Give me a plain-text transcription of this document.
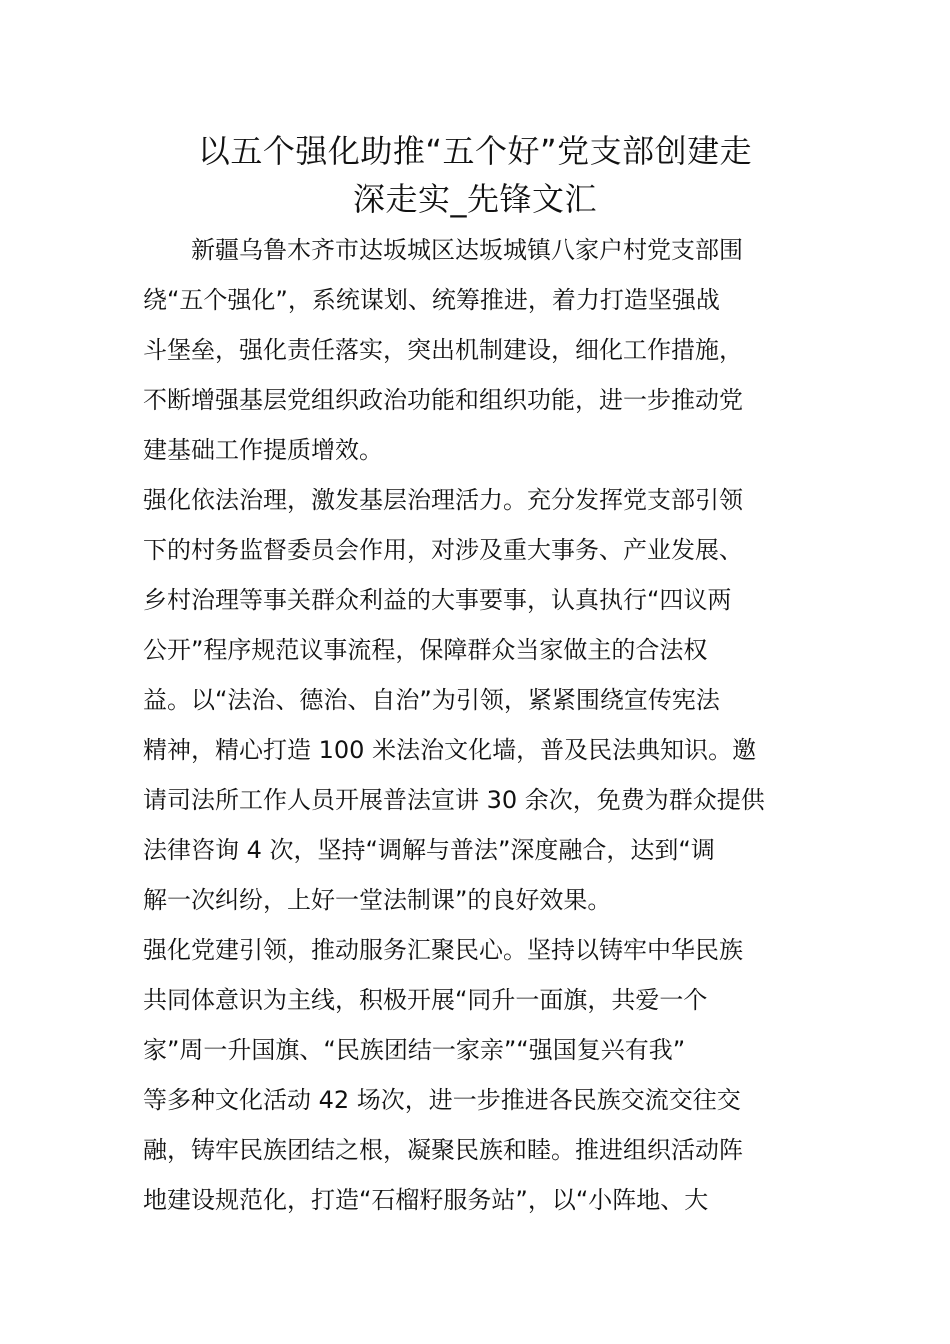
以五个强化助推“五个好”党支部创建走
深走实_先锋文汇
　　新疆乌鲁木齐市达坂城区达坂城镇八家户村党支部围
绕“五个强化”，系统谋划、统筹推进，着力打造坚强战
斗堡垒，强化责任落实，突出机制建设，细化工作措施，
不断增强基层党组织政治功能和组织功能，进一步推动党
建基础工作提质增效。
强化依法治理，激发基层治理活力。充分发挥党支部引领
下的村务监督委员会作用，对涉及重大事务、产业发展、
乡村治理等事关群众利益的大事要事，认真执行“四议两
公开”程序规范议事流程，保障群众当家做主的合法权
益。以“法治、德治、自治”为引领，紧紧围绕宣传宪法
精神，精心打造 100 米法治文化墙，普及民法典知识。邀
请司法所工作人员开展普法宣讲 30 余次，免费为群众提供
法律咨询 4 次，坚持“调解与普法”深度融合，达到“调
解一次纠纷，上好一堂法制课”的良好效果。
强化党建引领，推动服务汇聚民心。坚持以铸牢中华民族
共同体意识为主线，积极开展“同升一面旗，共爱一个
家”周一升国旗、“民族团结一家亲”“强国复兴有我”
等多种文化活动 42 场次，进一步推进各民族交流交往交
融，铸牢民族团结之根，凝聚民族和睦。推进组织活动阵
地建设规范化，打造“石榴籽服务站”，以“小阵地、大
